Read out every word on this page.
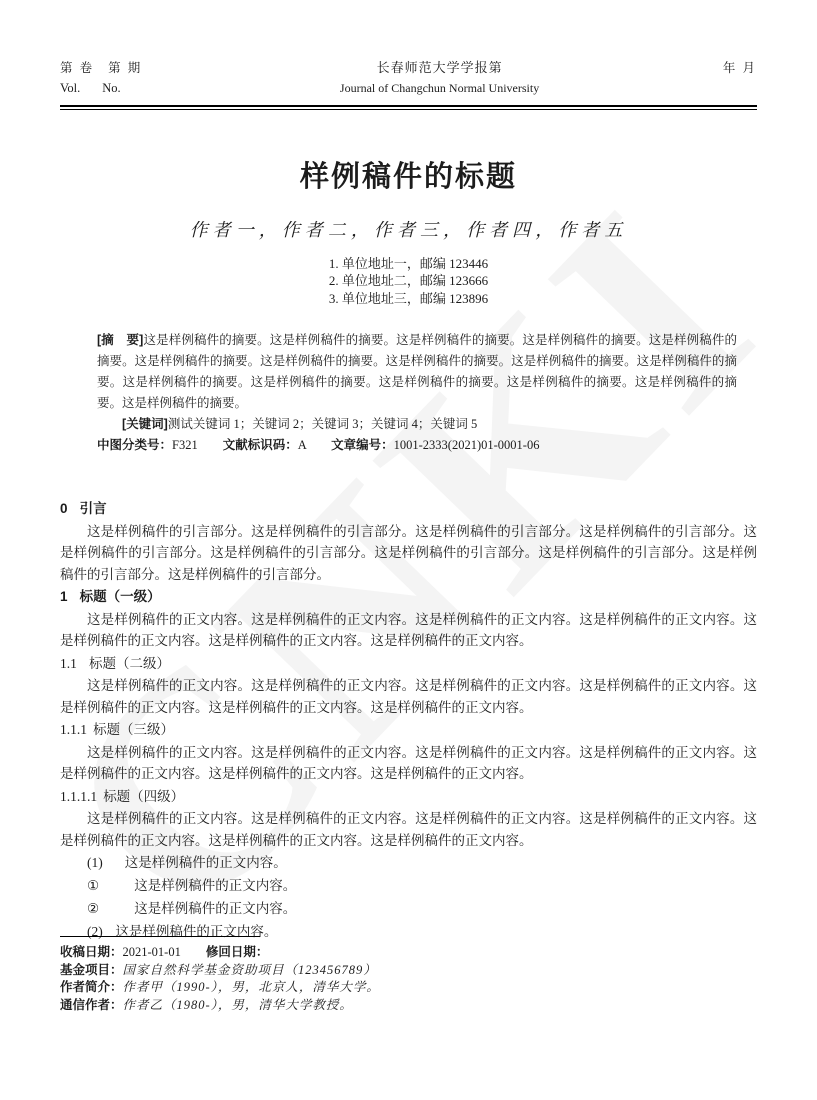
第 卷 第 期
Vol. No.
长春师范大学学报第
Journal of Changchun Normal University
年 月
样例稿件的标题
作者一，作者二，作者三，作者四，作者五
1. 单位地址一，邮编 123446
2. 单位地址二，邮编 123666
3. 单位地址三，邮编 123896
[摘　要]这是样例稿件的摘要。这是样例稿件的摘要。这是样例稿件的摘要。这是样例稿件的摘要。这是样例稿件的摘要。这是样例稿件的摘要。这是样例稿件的摘要。这是样例稿件的摘要。这是样例稿件的摘要。这是样例稿件的摘要。这是样例稿件的摘要。这是样例稿件的摘要。这是样例稿件的摘要。这是样例稿件的摘要。这是样例稿件的摘要。这是样例稿件的摘要。
[关键词]测试关键词 1；关键词 2；关键词 3；关键词 4；关键词 5
中图分类号：F321　　 文献标识码：A　　 文章编号：1001-2333(2021)01-0001-06
0 引言

这是样例稿件的引言部分。这是样例稿件的引言部分。这是样例稿件的引言部分。这是样例稿件的引言部分。这是样例稿件的引言部分。这是样例稿件的引言部分。这是样例稿件的引言部分。这是样例稿件的引言部分。这是样例稿件的引言部分。这是样例稿件的引言部分。

1 标题（一级）

这是样例稿件的正文内容。这是样例稿件的正文内容。这是样例稿件的正文内容。这是样例稿件的正文内容。这是样例稿件的正文内容。这是样例稿件的正文内容。这是样例稿件的正文内容。

1.1 标题（二级）

这是样例稿件的正文内容。这是样例稿件的正文内容。这是样例稿件的正文内容。这是样例稿件的正文内容。这是样例稿件的正文内容。这是样例稿件的正文内容。这是样例稿件的正文内容。

1.1.1 标题（三级）

这是样例稿件的正文内容。这是样例稿件的正文内容。这是样例稿件的正文内容。这是样例稿件的正文内容。这是样例稿件的正文内容。这是样例稿件的正文内容。这是样例稿件的正文内容。

1.1.1.1 标题（四级）

这是样例稿件的正文内容。这是样例稿件的正文内容。这是样例稿件的正文内容。这是样例稿件的正文内容。这是样例稿件的正文内容。这是样例稿件的正文内容。这是样例稿件的正文内容。

(1) 这是样例稿件的正文内容。
①	这是样例稿件的正文内容。
②	这是样例稿件的正文内容。
(2) 这是样例稿件的正文内容。
收稿日期：2021-01-01　　 修回日期：
基金项目：国家自然科学基金资助项目（123456789）
作者简介：作者甲（1990-），男，北京人，清华大学。
通信作者：作者乙（1980-），男，清华大学教授。
